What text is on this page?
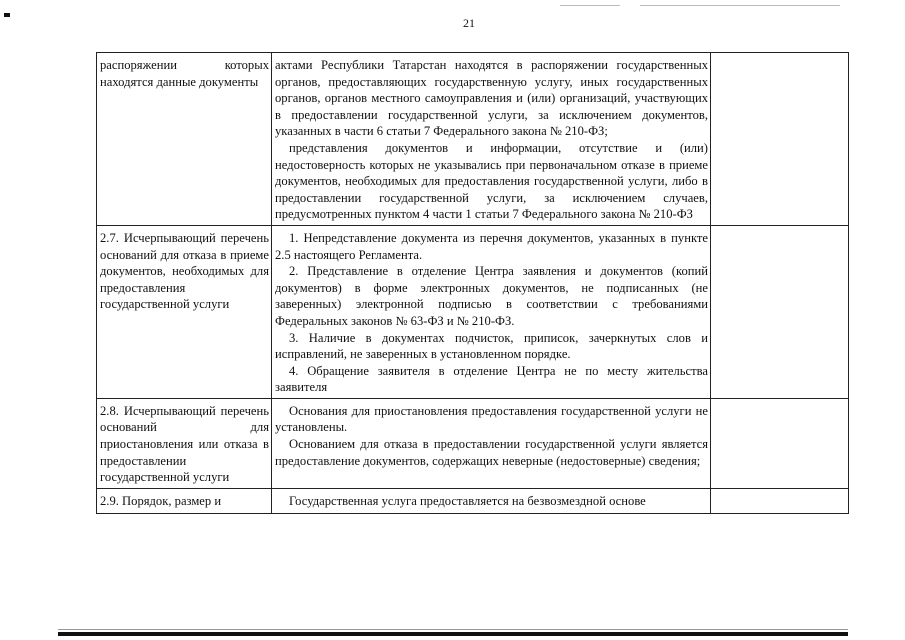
21

распоряжении которых находятся данные документы	актами Республики Татарстан находятся в распоряжении государственных органов, предоставляющих государственную услугу, иных государственных органов, органов местного самоуправления и (или) организаций, участвующих в предоставлении государственной услуги, за исключением документов, указанных в части 6 статьи 7 Федерального закона № 210-ФЗ;

представления документов и информации, отсутствие и (или) недостоверность которых не указывались при первоначальном отказе в приеме документов, необходимых для предоставления государственной услуги, либо в предоставлении государственной услуги, за исключением случаев, предусмотренных пунктом 4 части 1 статьи 7 Федерального закона № 210-ФЗ	

2.7. Исчерпывающий перечень оснований для отказа в приеме документов, необходимых для предоставления государственной услуги	1. Непредставление документа из перечня документов, указанных в пункте 2.5 настоящего Регламента.

2. Представление в отделение Центра заявления и документов (копий документов) в форме электронных документов, не подписанных (не заверенных) электронной подписью в соответствии с требованиями Федеральных законов № 63-ФЗ и № 210-ФЗ.

3. Наличие в документах подчисток, приписок, зачеркнутых слов и исправлений, не заверенных в установленном порядке.

4. Обращение заявителя в отделение Центра не по месту жительства заявителя	

2.8. Исчерпывающий перечень оснований для приостановления или отказа в предоставлении государственной услуги	Основания для приостановления предоставления государственной услуги не установлены.

Основанием для отказа в предоставлении государственной услуги является предоставление документов, содержащих неверные (недостоверные) сведения;	

2.9. Порядок, размер и	Государственная услуга предоставляется на безвозмездной основе	
